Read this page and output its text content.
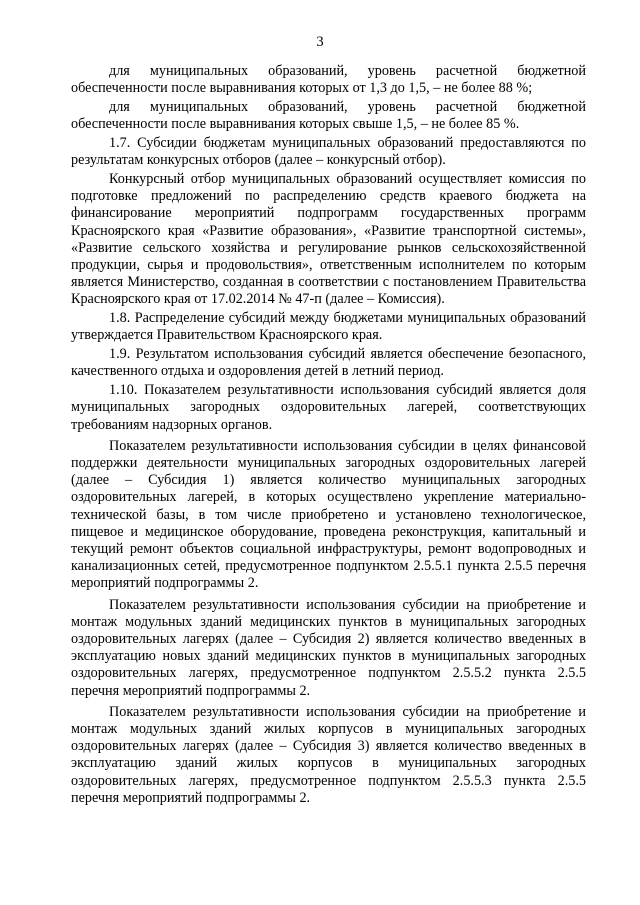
3

для муниципальных образований, уровень расчетной бюджетной обеспеченности после выравнивания которых от 1,3 до 1,5, – не более 88 %;

для муниципальных образований, уровень расчетной бюджетной обеспеченности после выравнивания которых свыше 1,5, – не более 85 %.

1.7. Субсидии бюджетам муниципальных образований предоставляются по результатам конкурсных отборов (далее – конкурсный отбор).

Конкурсный отбор муниципальных образований осуществляет комиссия по подготовке предложений по распределению средств краевого бюджета на финансирование мероприятий подпрограмм государственных программ Красноярского края «Развитие образования», «Развитие транспортной системы», «Развитие сельского хозяйства и регулирование рынков сельскохозяйственной продукции, сырья и продовольствия», ответственным исполнителем по которым является Министерство, созданная в соответствии с постановлением Правительства Красноярского края от 17.02.2014 № 47-п (далее – Комиссия).

1.8. Распределение субсидий между бюджетами муниципальных образований утверждается Правительством Красноярского края.

1.9. Результатом использования субсидий является обеспечение безопасного, качественного отдыха и оздоровления детей в летний период.

1.10. Показателем результативности использования субсидий является доля муниципальных загородных оздоровительных лагерей, соответствующих требованиям надзорных органов.

Показателем результативности использования субсидии в целях финансовой поддержки деятельности муниципальных загородных оздоровительных лагерей (далее – Субсидия 1) является количество муниципальных загородных оздоровительных лагерей, в которых осуществлено укрепление материально-технической базы, в том числе приобретено и установлено технологическое, пищевое и медицинское оборудование, проведена реконструкция, капитальный и текущий ремонт объектов социальной инфраструктуры, ремонт водопроводных и канализационных сетей, предусмотренное подпунктом 2.5.5.1 пункта 2.5.5 перечня мероприятий подпрограммы 2.

Показателем результативности использования субсидии на приобретение и монтаж модульных зданий медицинских пунктов в муниципальных загородных оздоровительных лагерях (далее – Субсидия 2) является количество введенных в эксплуатацию новых зданий медицинских пунктов в муниципальных загородных оздоровительных лагерях, предусмотренное подпунктом 2.5.5.2 пункта 2.5.5 перечня мероприятий подпрограммы 2.

Показателем результативности использования субсидии на приобретение и монтаж модульных зданий жилых корпусов в муниципальных загородных оздоровительных лагерях (далее – Субсидия 3) является количество введенных в эксплуатацию зданий жилых корпусов в муниципальных загородных оздоровительных лагерях, предусмотренное подпунктом 2.5.5.3 пункта 2.5.5 перечня мероприятий подпрограммы 2.
